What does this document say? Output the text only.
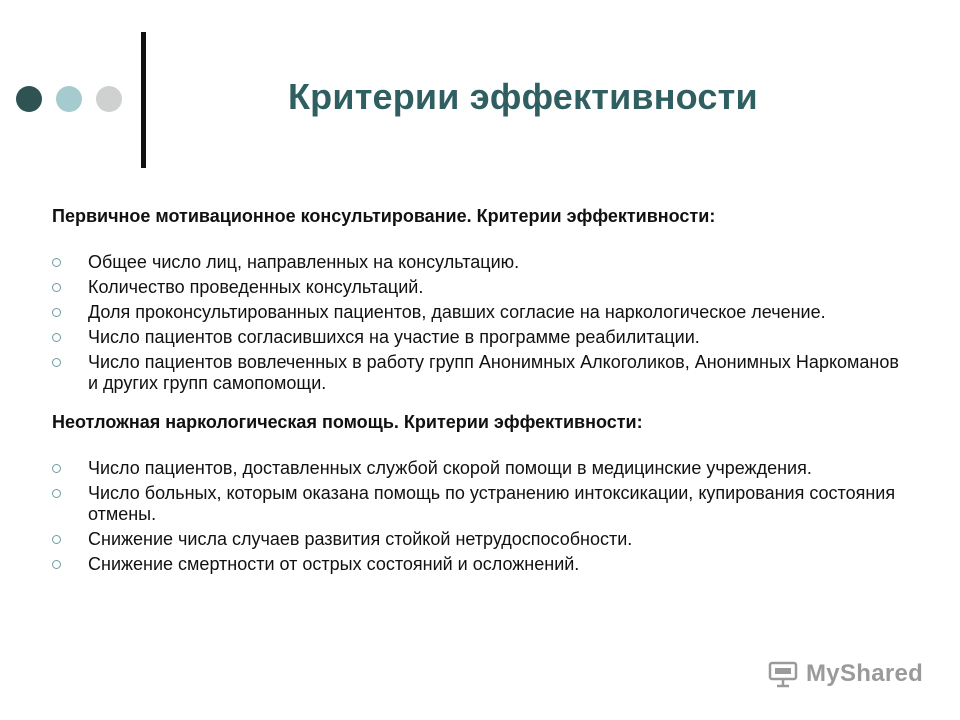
Критерии эффективности

Первичное мотивационное консультирование. Критерии эффективности:

Общее число лиц, направленных на консультацию.
Количество проведенных консультаций.
Доля проконсультированных пациентов, давших согласие на наркологическое лечение.
Число пациентов согласившихся на участие в программе реабилитации.
Число пациентов вовлеченных в работу групп Анонимных Алкоголиков, Анонимных Наркоманов и других групп самопомощи.

Неотложная наркологическая помощь. Критерии эффективности:

Число пациентов, доставленных службой скорой помощи в медицинские учреждения.
Число больных, которым оказана помощь по устранению интоксикации, купирования состояния отмены.
Снижение числа случаев развития стойкой нетрудоспособности.
Снижение смертности от острых состояний и осложнений.
MyShared
